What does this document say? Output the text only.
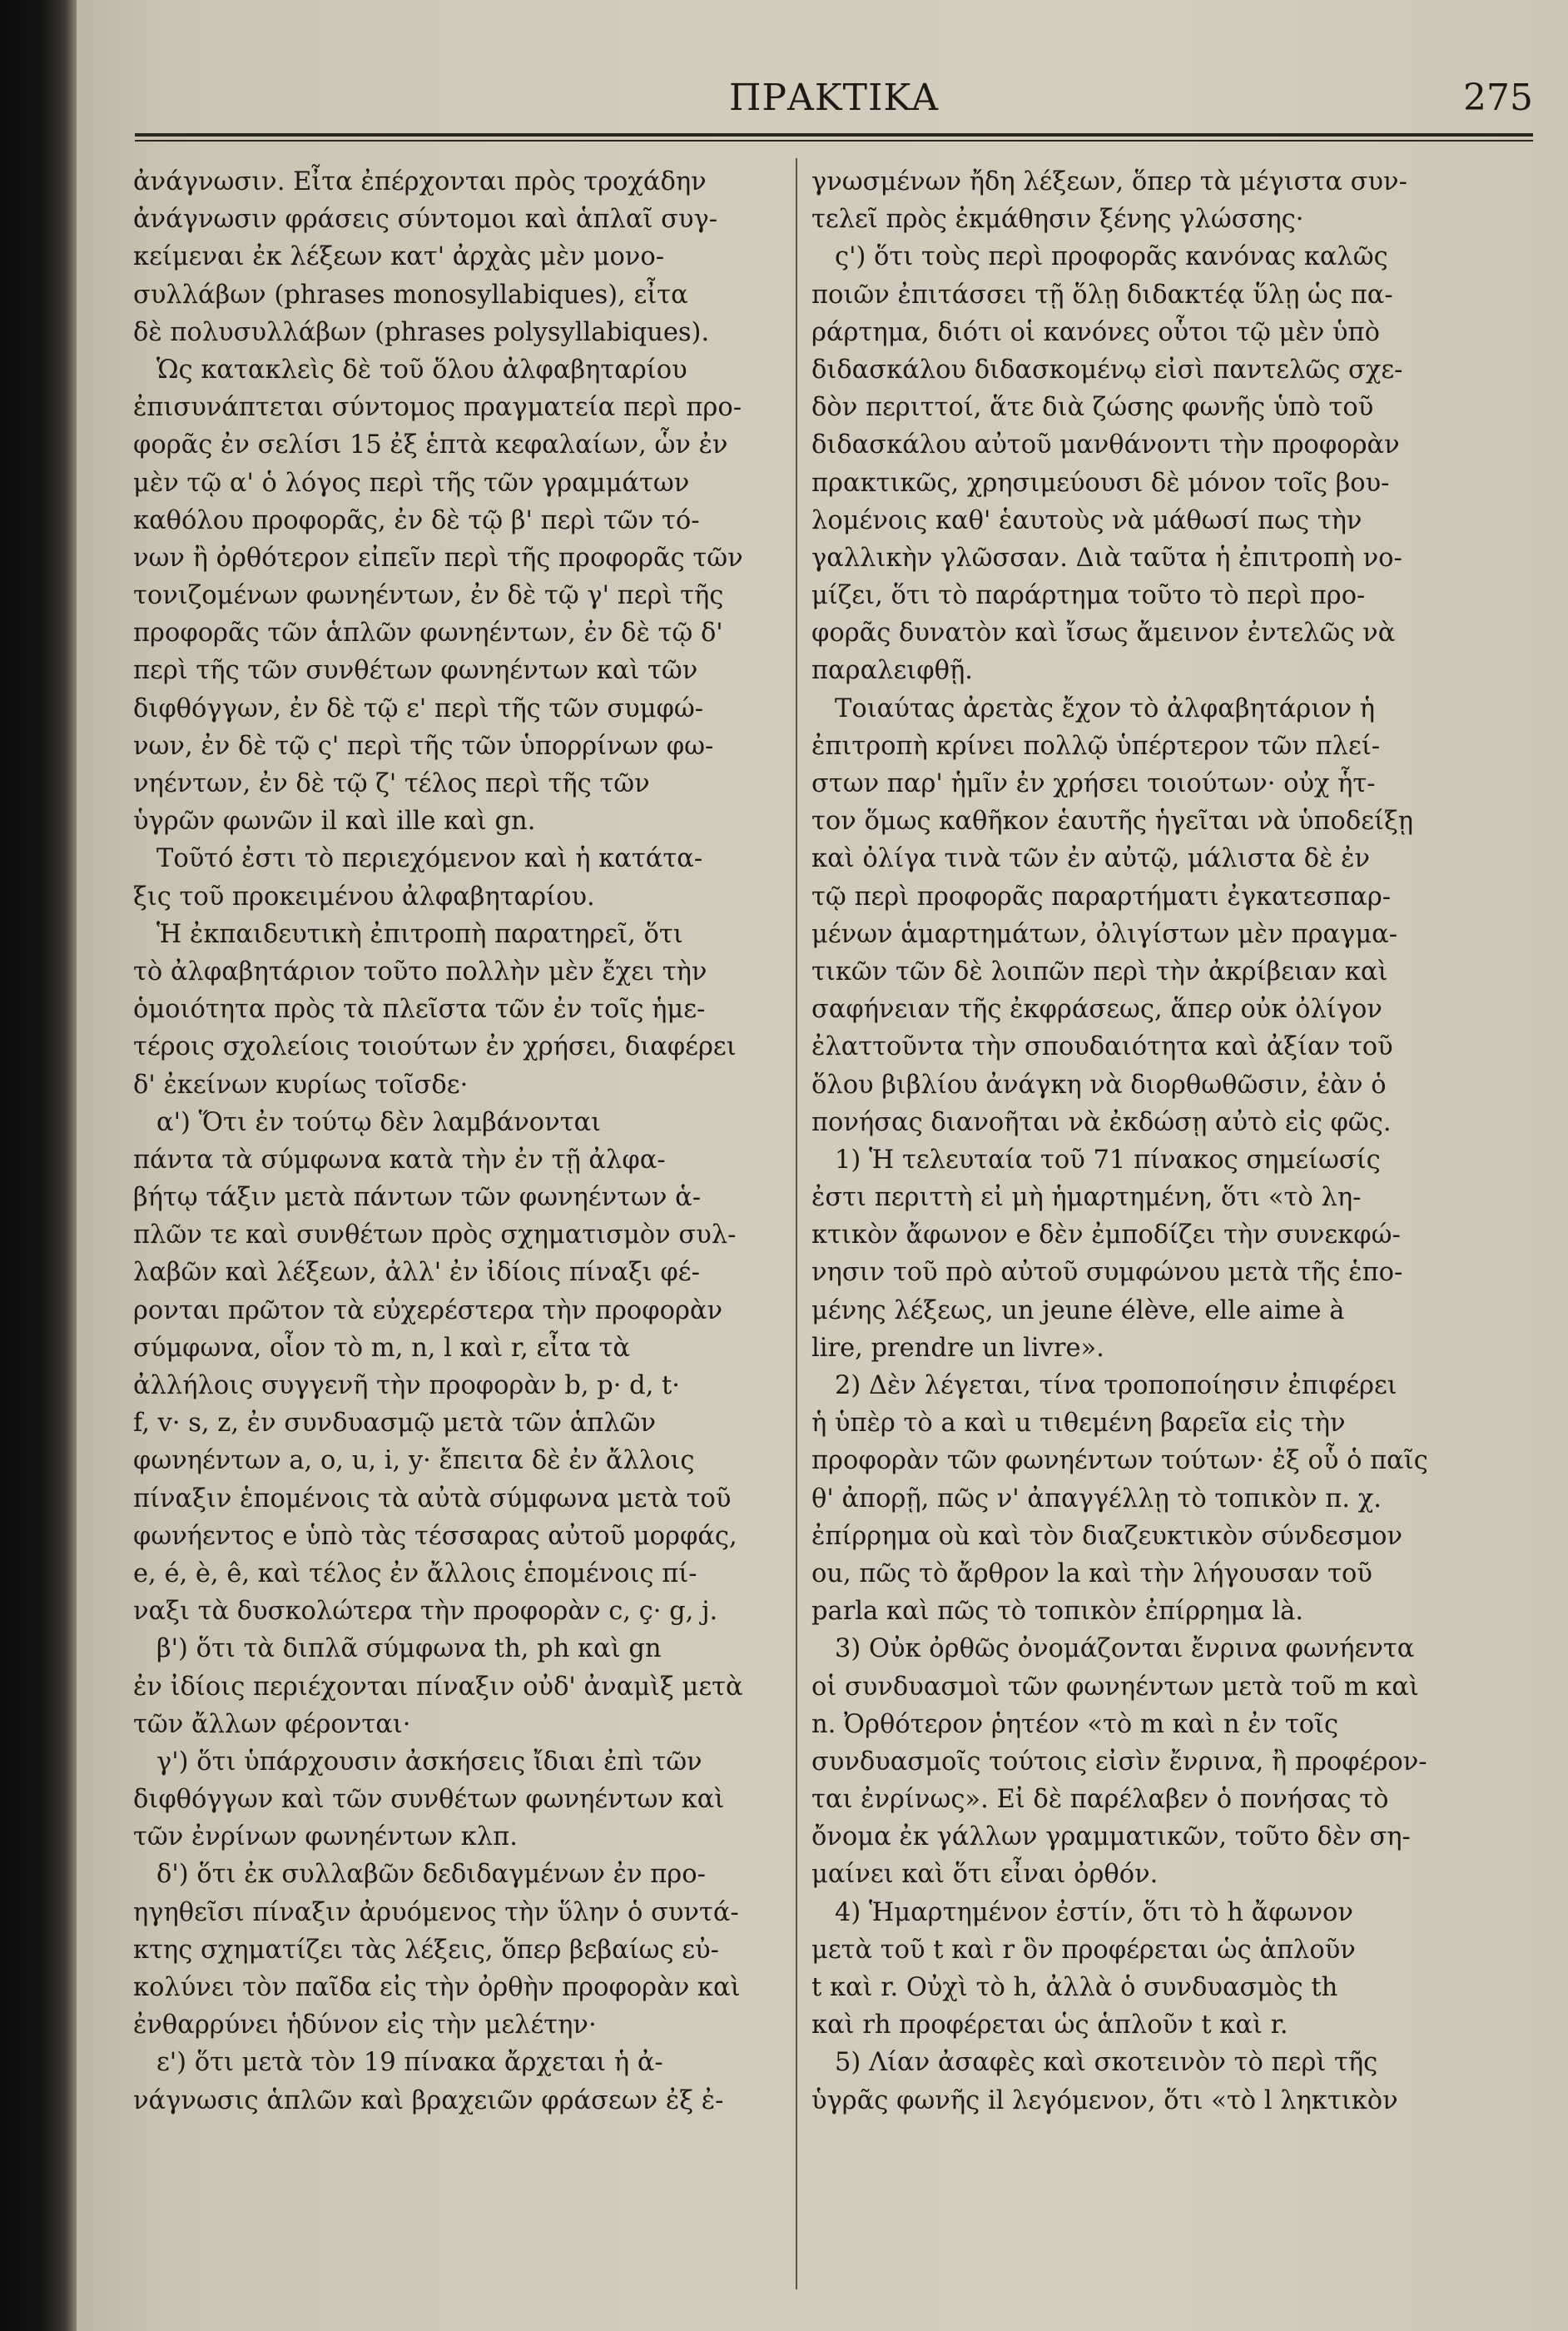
ΠΡΑΚΤΙΚΑ	275
ἀνάγνωσιν. Εἶτα ἐπέρχονται πρὸς τροχάδην
ἀνάγνωσιν φράσεις σύντομοι καὶ ἁπλαῖ συγ-
κείμεναι ἐκ λέξεων κατ' ἀρχὰς μὲν μονο-
συλλάβων (phrases monosyllabiques), εἶτα
δὲ πολυσυλλάβων (phrases polysyllabiques).
Ὡς κατακλεὶς δὲ τοῦ ὅλου ἀλφαβηταρίου
ἐπισυνάπτεται σύντομος πραγματεία περὶ προ-
φορᾶς ἐν σελίσι 15 ἐξ ἑπτὰ κεφαλαίων, ὧν ἐν
μὲν τῷ α' ὁ λόγος περὶ τῆς τῶν γραμμάτων
καθόλου προφορᾶς, ἐν δὲ τῷ β' περὶ τῶν τό-
νων ἢ ὀρθότερον εἰπεῖν περὶ τῆς προφορᾶς τῶν
τονιζομένων φωνηέντων, ἐν δὲ τῷ γ' περὶ τῆς
προφορᾶς τῶν ἁπλῶν φωνηέντων, ἐν δὲ τῷ δ'
περὶ τῆς τῶν συνθέτων φωνηέντων καὶ τῶν
διφθόγγων, ἐν δὲ τῷ ε' περὶ τῆς τῶν συμφώ-
νων, ἐν δὲ τῷ ς' περὶ τῆς τῶν ὑπορρίνων φω-
νηέντων, ἐν δὲ τῷ ζ' τέλος περὶ τῆς τῶν
ὑγρῶν φωνῶν il καὶ ille καὶ gn.
Τοῦτό ἐστι τὸ περιεχόμενον καὶ ἡ κατάτα-
ξις τοῦ προκειμένου ἀλφαβηταρίου.
Ἡ ἐκπαιδευτικὴ ἐπιτροπὴ παρατηρεῖ, ὅτι
τὸ ἀλφαβητάριον τοῦτο πολλὴν μὲν ἔχει τὴν
ὁμοιότητα πρὸς τὰ πλεῖστα τῶν ἐν τοῖς ἡμε-
τέροις σχολείοις τοιούτων ἐν χρήσει, διαφέρει
δ' ἐκείνων κυρίως τοῖσδε·
α') Ὅτι ἐν τούτῳ δὲν λαμβάνονται
πάντα τὰ σύμφωνα κατὰ τὴν ἐν τῇ ἀλφα-
βήτῳ τάξιν μετὰ πάντων τῶν φωνηέντων ἁ-
πλῶν τε καὶ συνθέτων πρὸς σχηματισμὸν συλ-
λαβῶν καὶ λέξεων, ἀλλ' ἐν ἰδίοις πίναξι φέ-
ρονται πρῶτον τὰ εὐχερέστερα τὴν προφορὰν
σύμφωνα, οἷον τὸ m, n, l καὶ r, εἶτα τὰ
ἀλλήλοις συγγενῆ τὴν προφορὰν b, p· d, t·
f, v· s, z, ἐν συνδυασμῷ μετὰ τῶν ἁπλῶν
φωνηέντων a, o, u, i, y· ἔπειτα δὲ ἐν ἄλλοις
πίναξιν ἑπομένοις τὰ αὐτὰ σύμφωνα μετὰ τοῦ
φωνήεντος e ὑπὸ τὰς τέσσαρας αὐτοῦ μορφάς,
e, é, è, ê, καὶ τέλος ἐν ἄλλοις ἑπομένοις πί-
ναξι τὰ δυσκολώτερα τὴν προφορὰν c, ç· g, j.
β') ὅτι τὰ διπλᾶ σύμφωνα th, ph καὶ gn
ἐν ἰδίοις περιέχονται πίναξιν οὐδ' ἀναμὶξ μετὰ
τῶν ἄλλων φέρονται·
γ') ὅτι ὑπάρχουσιν ἀσκήσεις ἴδιαι ἐπὶ τῶν
διφθόγγων καὶ τῶν συνθέτων φωνηέντων καὶ
τῶν ἐνρίνων φωνηέντων κλπ.
δ') ὅτι ἐκ συλλαβῶν δεδιδαγμένων ἐν προ-
ηγηθεῖσι πίναξιν ἀρυόμενος τὴν ὕλην ὁ συντά-
κτης σχηματίζει τὰς λέξεις, ὅπερ βεβαίως εὐ-
κολύνει τὸν παῖδα εἰς τὴν ὀρθὴν προφορὰν καὶ
ἐνθαρρύνει ἡδύνον εἰς τὴν μελέτην·
ε') ὅτι μετὰ τὸν 19 πίνακα ἄρχεται ἡ ἀ-
νάγνωσις ἁπλῶν καὶ βραχειῶν φράσεων ἐξ ἐ-
γνωσμένων ἤδη λέξεων, ὅπερ τὰ μέγιστα συν-
τελεῖ πρὸς ἐκμάθησιν ξένης γλώσσης·
ς') ὅτι τοὺς περὶ προφορᾶς κανόνας καλῶς
ποιῶν ἐπιτάσσει τῇ ὅλῃ διδακτέᾳ ὕλῃ ὡς πα-
ράρτημα, διότι οἱ κανόνες οὗτοι τῷ μὲν ὑπὸ
διδασκάλου διδασκομένῳ εἰσὶ παντελῶς σχε-
δὸν περιττοί, ἅτε διὰ ζώσης φωνῆς ὑπὸ τοῦ
διδασκάλου αὐτοῦ μανθάνοντι τὴν προφορὰν
πρακτικῶς, χρησιμεύουσι δὲ μόνον τοῖς βου-
λομένοις καθ' ἑαυτοὺς νὰ μάθωσί πως τὴν
γαλλικὴν γλῶσσαν. Διὰ ταῦτα ἡ ἐπιτροπὴ νο-
μίζει, ὅτι τὸ παράρτημα τοῦτο τὸ περὶ προ-
φορᾶς δυνατὸν καὶ ἴσως ἄμεινον ἐντελῶς νὰ
παραλειφθῇ.
Τοιαύτας ἀρετὰς ἔχον τὸ ἀλφαβητάριον ἡ
ἐπιτροπὴ κρίνει πολλῷ ὑπέρτερον τῶν πλεί-
στων παρ' ἡμῖν ἐν χρήσει τοιούτων· οὐχ ἧτ-
τον ὅμως καθῆκον ἑαυτῆς ἡγεῖται νὰ ὑποδείξῃ
καὶ ὀλίγα τινὰ τῶν ἐν αὐτῷ, μάλιστα δὲ ἐν
τῷ περὶ προφορᾶς παραρτήματι ἐγκατεσπαρ-
μένων ἁμαρτημάτων, ὀλιγίστων μὲν πραγμα-
τικῶν τῶν δὲ λοιπῶν περὶ τὴν ἀκρίβειαν καὶ
σαφήνειαν τῆς ἐκφράσεως, ἅπερ οὐκ ὀλίγον
ἐλαττοῦντα τὴν σπουδαιότητα καὶ ἀξίαν τοῦ
ὅλου βιβλίου ἀνάγκη νὰ διορθωθῶσιν, ἐὰν ὁ
πονήσας διανοῆται νὰ ἐκδώσῃ αὐτὸ εἰς φῶς.
1) Ἡ τελευταία τοῦ 71 πίνακος σημείωσίς
ἐστι περιττὴ εἰ μὴ ἡμαρτημένη, ὅτι «τὸ λη-
κτικὸν ἄφωνον e δὲν ἐμποδίζει τὴν συνεκφώ-
νησιν τοῦ πρὸ αὐτοῦ συμφώνου μετὰ τῆς ἑπο-
μένης λέξεως, un jeune élève, elle aime à
lire, prendre un livre».
2) Δὲν λέγεται, τίνα τροποποίησιν ἐπιφέρει
ἡ ὑπὲρ τὸ a καὶ u τιθεμένη βαρεῖα εἰς τὴν
προφορὰν τῶν φωνηέντων τούτων· ἐξ οὗ ὁ παῖς
θ' ἀπορῇ, πῶς ν' ἀπαγγέλλῃ τὸ τοπικὸν π. χ.
ἐπίρρημα où καὶ τὸν διαζευκτικὸν σύνδεσμον
ou, πῶς τὸ ἄρθρον la καὶ τὴν λήγουσαν τοῦ
parla καὶ πῶς τὸ τοπικὸν ἐπίρρημα là.
3) Οὐκ ὀρθῶς ὀνομάζονται ἔνρινα φωνήεντα
οἱ συνδυασμοὶ τῶν φωνηέντων μετὰ τοῦ m καὶ
n. Ὀρθότερον ῥητέον «τὸ m καὶ n ἐν τοῖς
συνδυασμοῖς τούτοις εἰσὶν ἔνρινα, ἢ προφέρον-
ται ἐνρίνως». Εἰ δὲ παρέλαβεν ὁ πονήσας τὸ
ὄνομα ἐκ γάλλων γραμματικῶν, τοῦτο δὲν ση-
μαίνει καὶ ὅτι εἶναι ὀρθόν.
4) Ἡμαρτημένον ἐστίν, ὅτι τὸ h ἄφωνον
μετὰ τοῦ t καὶ r ὃν προφέρεται ὡς ἁπλοῦν
t καὶ r. Οὐχὶ τὸ h, ἀλλὰ ὁ συνδυασμὸς th
καὶ rh προφέρεται ὡς ἁπλοῦν t καὶ r.
5) Λίαν ἀσαφὲς καὶ σκοτεινὸν τὸ περὶ τῆς
ὑγρᾶς φωνῆς il λεγόμενον, ὅτι «τὸ l ληκτικὸν
